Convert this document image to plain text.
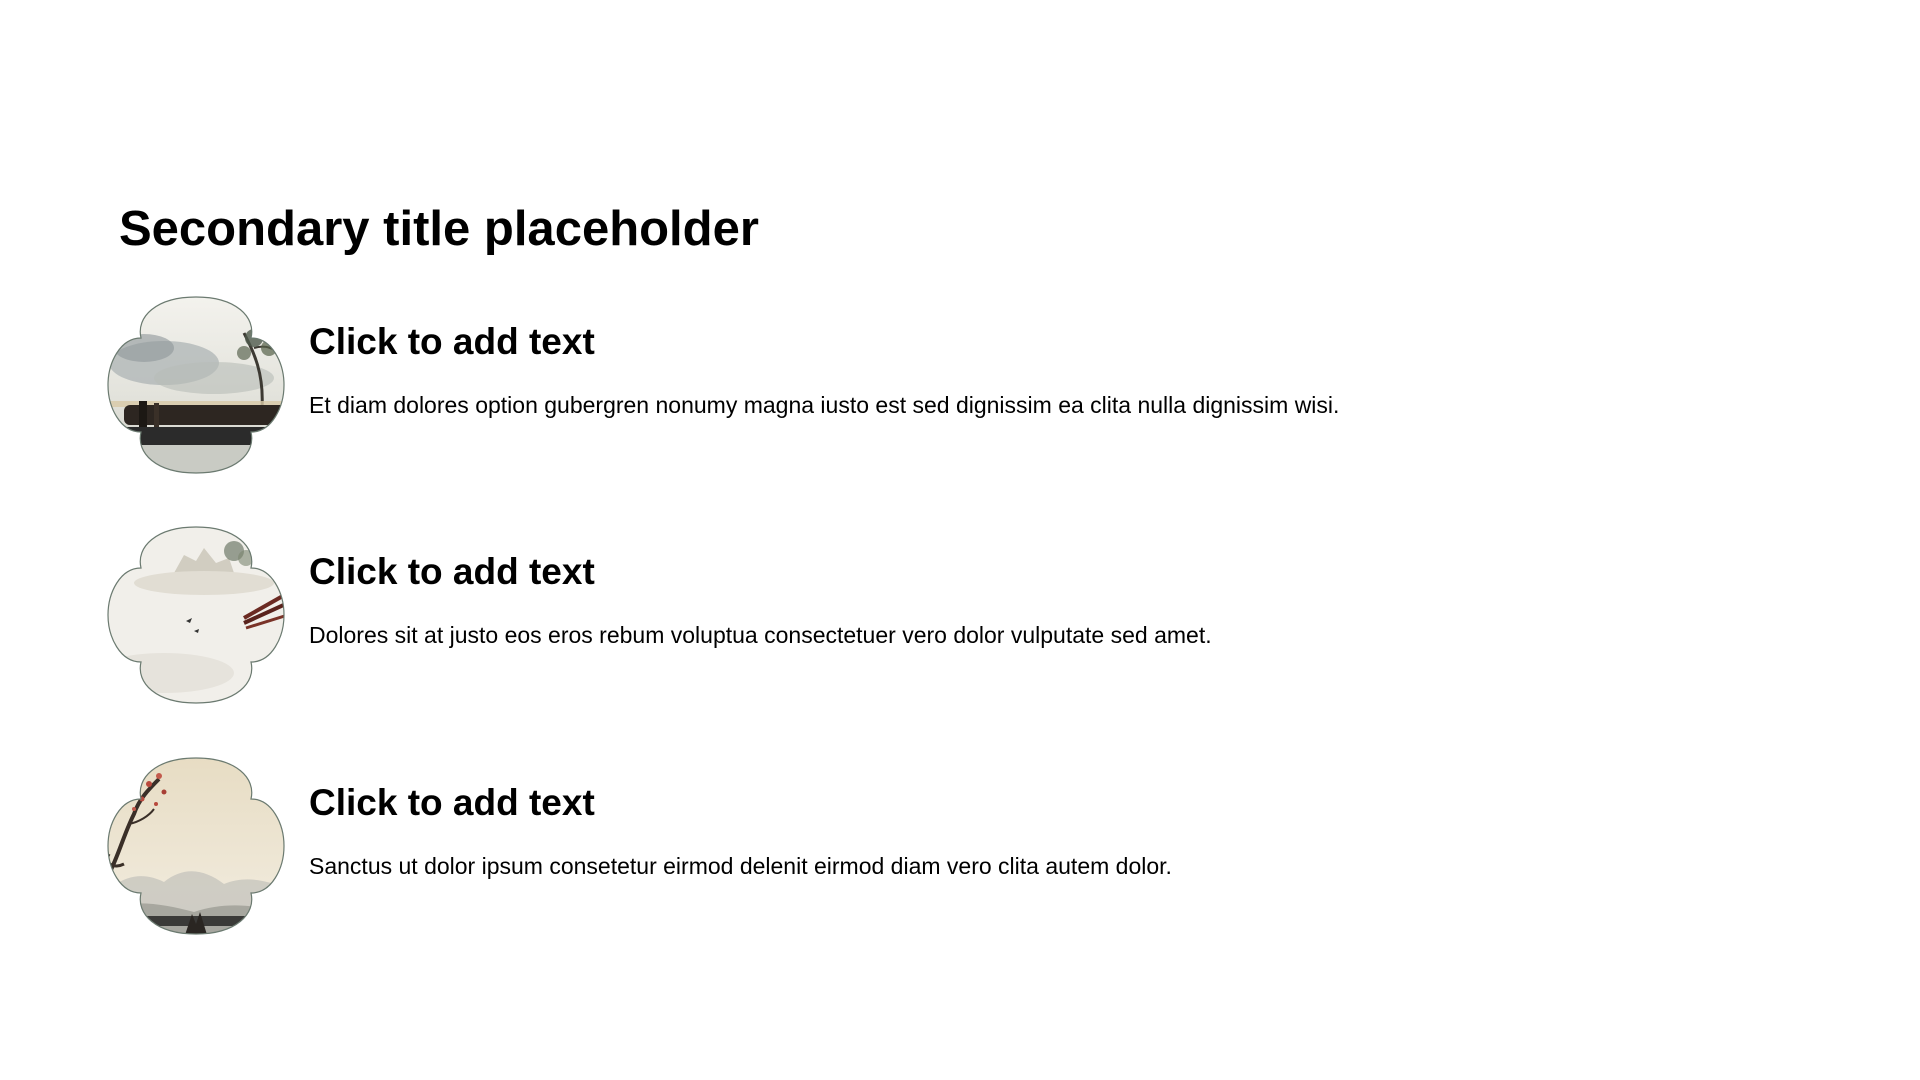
Secondary title placeholder
Click to add text

Et diam dolores option gubergren nonumy magna iusto est sed dignissim ea clita nulla dignissim wisi.

Click to add text

Dolores sit at justo eos eros rebum voluptua consectetuer vero dolor vulputate sed amet.

Click to add text

Sanctus ut dolor ipsum consetetur eirmod delenit eirmod diam vero clita autem dolor.
